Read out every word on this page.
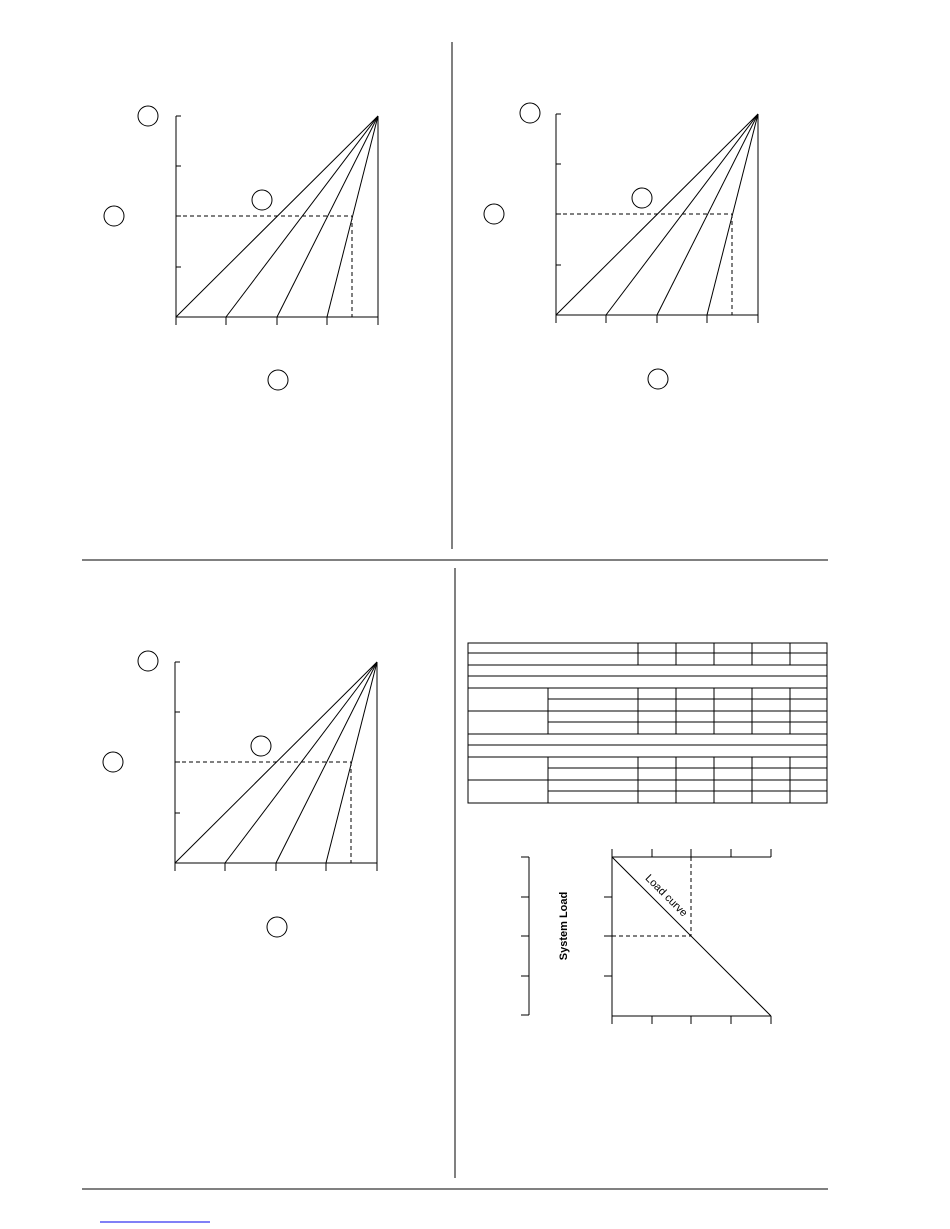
System Load	Load curve
